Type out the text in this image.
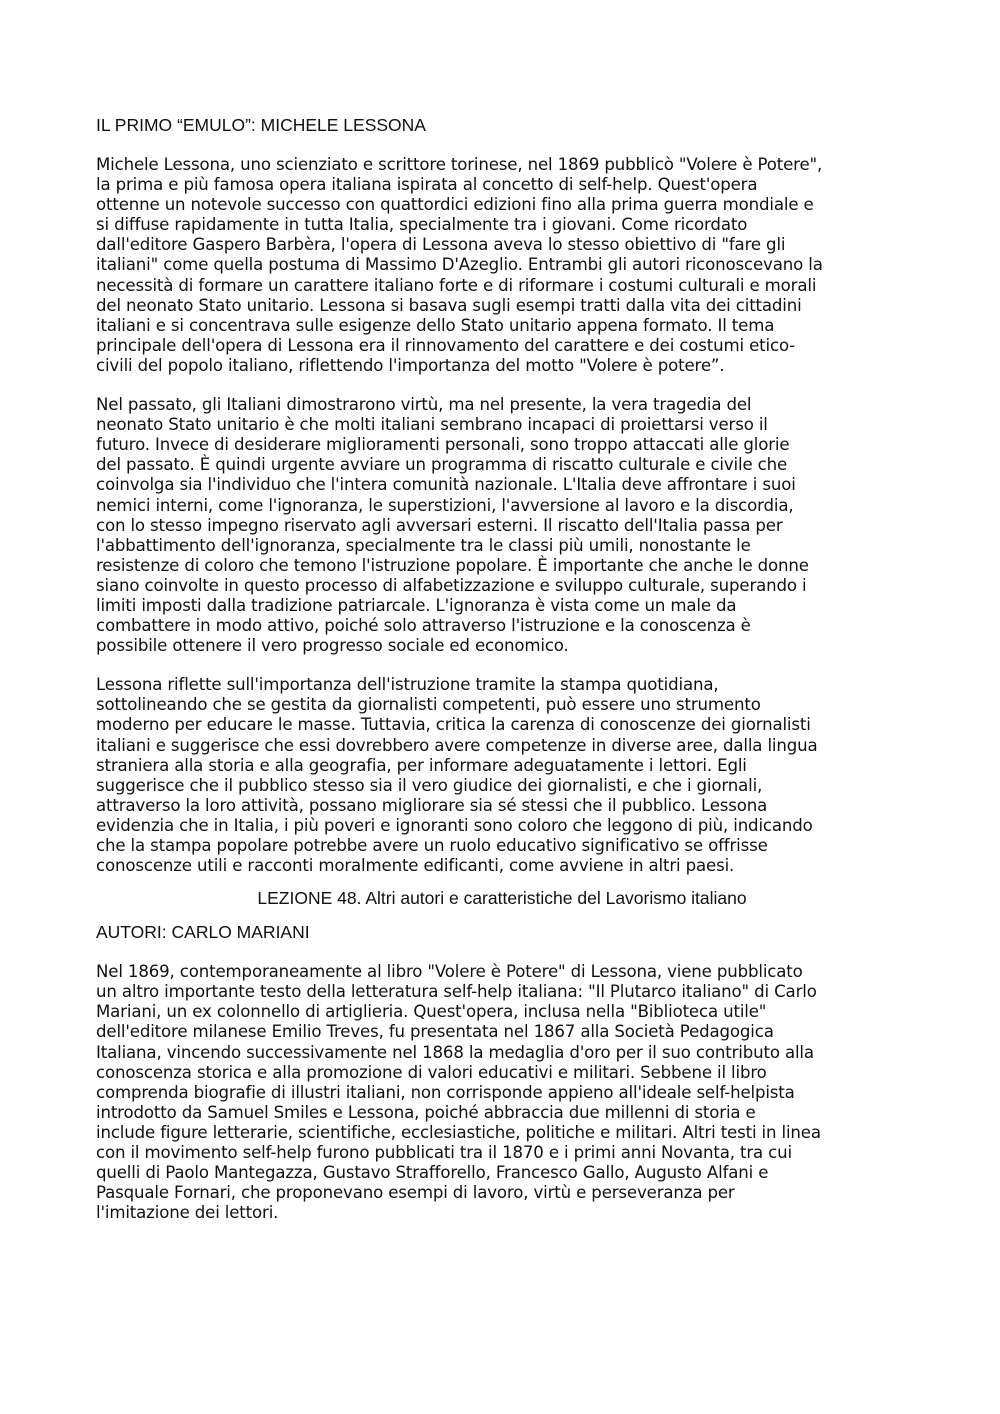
IL PRIMO “EMULO”: MICHELE LESSONA

Michele Lessona, uno scienziato e scrittore torinese, nel 1869 pubblicò "Volere è Potere",
la prima e più famosa opera italiana ispirata al concetto di self-help. Quest'opera
ottenne un notevole successo con quattordici edizioni fino alla prima guerra mondiale e
si diffuse rapidamente in tutta Italia, specialmente tra i giovani. Come ricordato
dall'editore Gaspero Barbèra, l'opera di Lessona aveva lo stesso obiettivo di "fare gli
italiani" come quella postuma di Massimo D'Azeglio. Entrambi gli autori riconoscevano la
necessità di formare un carattere italiano forte e di riformare i costumi culturali e morali
del neonato Stato unitario. Lessona si basava sugli esempi tratti dalla vita dei cittadini
italiani e si concentrava sulle esigenze dello Stato unitario appena formato. Il tema
principale dell'opera di Lessona era il rinnovamento del carattere e dei costumi etico-
civili del popolo italiano, riflettendo l'importanza del motto "Volere è potere”.

Nel passato, gli Italiani dimostrarono virtù, ma nel presente, la vera tragedia del
neonato Stato unitario è che molti italiani sembrano incapaci di proiettarsi verso il
futuro. Invece di desiderare miglioramenti personali, sono troppo attaccati alle glorie
del passato. È quindi urgente avviare un programma di riscatto culturale e civile che
coinvolga sia l'individuo che l'intera comunità nazionale. L'Italia deve affrontare i suoi
nemici interni, come l'ignoranza, le superstizioni, l'avversione al lavoro e la discordia,
con lo stesso impegno riservato agli avversari esterni. Il riscatto dell'Italia passa per
l'abbattimento dell'ignoranza, specialmente tra le classi più umili, nonostante le
resistenze di coloro che temono l'istruzione popolare. È importante che anche le donne
siano coinvolte in questo processo di alfabetizzazione e sviluppo culturale, superando i
limiti imposti dalla tradizione patriarcale. L'ignoranza è vista come un male da
combattere in modo attivo, poiché solo attraverso l'istruzione e la conoscenza è
possibile ottenere il vero progresso sociale ed economico.

Lessona riflette sull'importanza dell'istruzione tramite la stampa quotidiana,
sottolineando che se gestita da giornalisti competenti, può essere uno strumento
moderno per educare le masse. Tuttavia, critica la carenza di conoscenze dei giornalisti
italiani e suggerisce che essi dovrebbero avere competenze in diverse aree, dalla lingua
straniera alla storia e alla geografia, per informare adeguatamente i lettori. Egli
suggerisce che il pubblico stesso sia il vero giudice dei giornalisti, e che i giornali,
attraverso la loro attività, possano migliorare sia sé stessi che il pubblico. Lessona
evidenzia che in Italia, i più poveri e ignoranti sono coloro che leggono di più, indicando
che la stampa popolare potrebbe avere un ruolo educativo significativo se offrisse
conoscenze utili e racconti moralmente edificanti, come avviene in altri paesi.

LEZIONE 48. Altri autori e caratteristiche del Lavorismo italiano
AUTORI: CARLO MARIANI

Nel 1869, contemporaneamente al libro "Volere è Potere" di Lessona, viene pubblicato
un altro importante testo della letteratura self-help italiana: "Il Plutarco italiano" di Carlo
Mariani, un ex colonnello di artiglieria. Quest'opera, inclusa nella "Biblioteca utile"
dell'editore milanese Emilio Treves, fu presentata nel 1867 alla Società Pedagogica
Italiana, vincendo successivamente nel 1868 la medaglia d'oro per il suo contributo alla
conoscenza storica e alla promozione di valori educativi e militari. Sebbene il libro
comprenda biografie di illustri italiani, non corrisponde appieno all'ideale self-helpista
introdotto da Samuel Smiles e Lessona, poiché abbraccia due millenni di storia e
include figure letterarie, scientifiche, ecclesiastiche, politiche e militari. Altri testi in linea
con il movimento self-help furono pubblicati tra il 1870 e i primi anni Novanta, tra cui
quelli di Paolo Mantegazza, Gustavo Strafforello, Francesco Gallo, Augusto Alfani e
Pasquale Fornari, che proponevano esempi di lavoro, virtù e perseveranza per
l'imitazione dei lettori.
